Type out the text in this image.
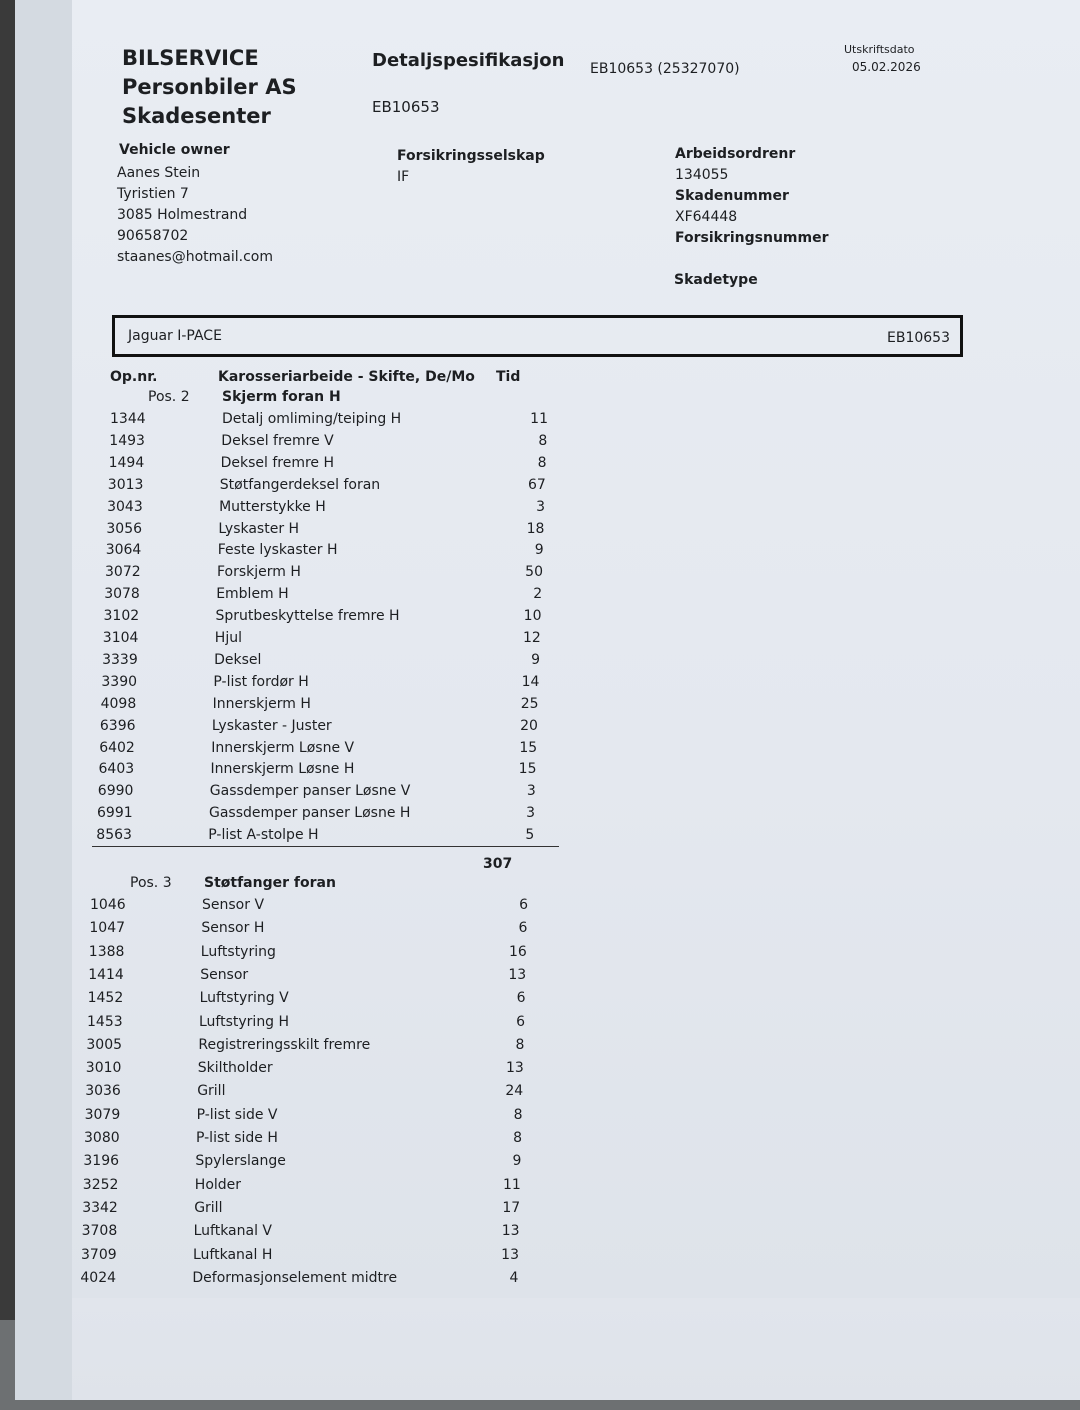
BILSERVICE
Personbiler AS
Skadesenter
Detaljspesifikasjon
EB10653
EB10653 (25327070)
Utskriftsdato
05.02.2026
Vehicle owner
Aanes Stein
Tyristien 7
3085 Holmestrand
90658702
staanes@hotmail.com
Forsikringsselskap
IF
Arbeidsordrenr
134055
Skadenummer
XF64448
Forsikringsnummer
Skadetype
Jaguar I-PACE	EB10653
Op.nr.	Karosseriarbeide - Skifte, De/Mo Tid
Pos. 2 Skjerm foran H
1344	Detalj omliming/teiping H	11
1493	Deksel fremre V	8
1494	Deksel fremre H	8
3013	Støtfangerdeksel foran	67
3043	Mutterstykke H	3
3056	Lyskaster H	18
3064	Feste lyskaster H	9
3072	Forskjerm H	50
3078	Emblem H	2
3102	Sprutbeskyttelse fremre H	10
3104	Hjul	12
3339	Deksel	9
3390	P-list fordør H	14
4098	Innerskjerm H	25
6396	Lyskaster - Juster	20
6402	Innerskjerm Løsne V	15
6403	Innerskjerm Løsne H	15
6990	Gassdemper panser Løsne V	3
6991	Gassdemper panser Løsne H	3
8563	P-list A-stolpe H	5
Pos. 3 Støtfanger foran
1046	Sensor V	6
1047	Sensor H	6
1388	Luftstyring	16
1414	Sensor	13
1452	Luftstyring V	6
1453	Luftstyring H	6
3005	Registreringsskilt fremre	8
3010	Skiltholder	13
3036	Grill	24
3079	P-list side V	8
3080	P-list side H	8
3196	Spylerslange	9
3252	Holder	11
3342	Grill	17
3708	Luftkanal V	13
3709	Luftkanal H	13
4024	Deformasjonselement midtre	4
307
